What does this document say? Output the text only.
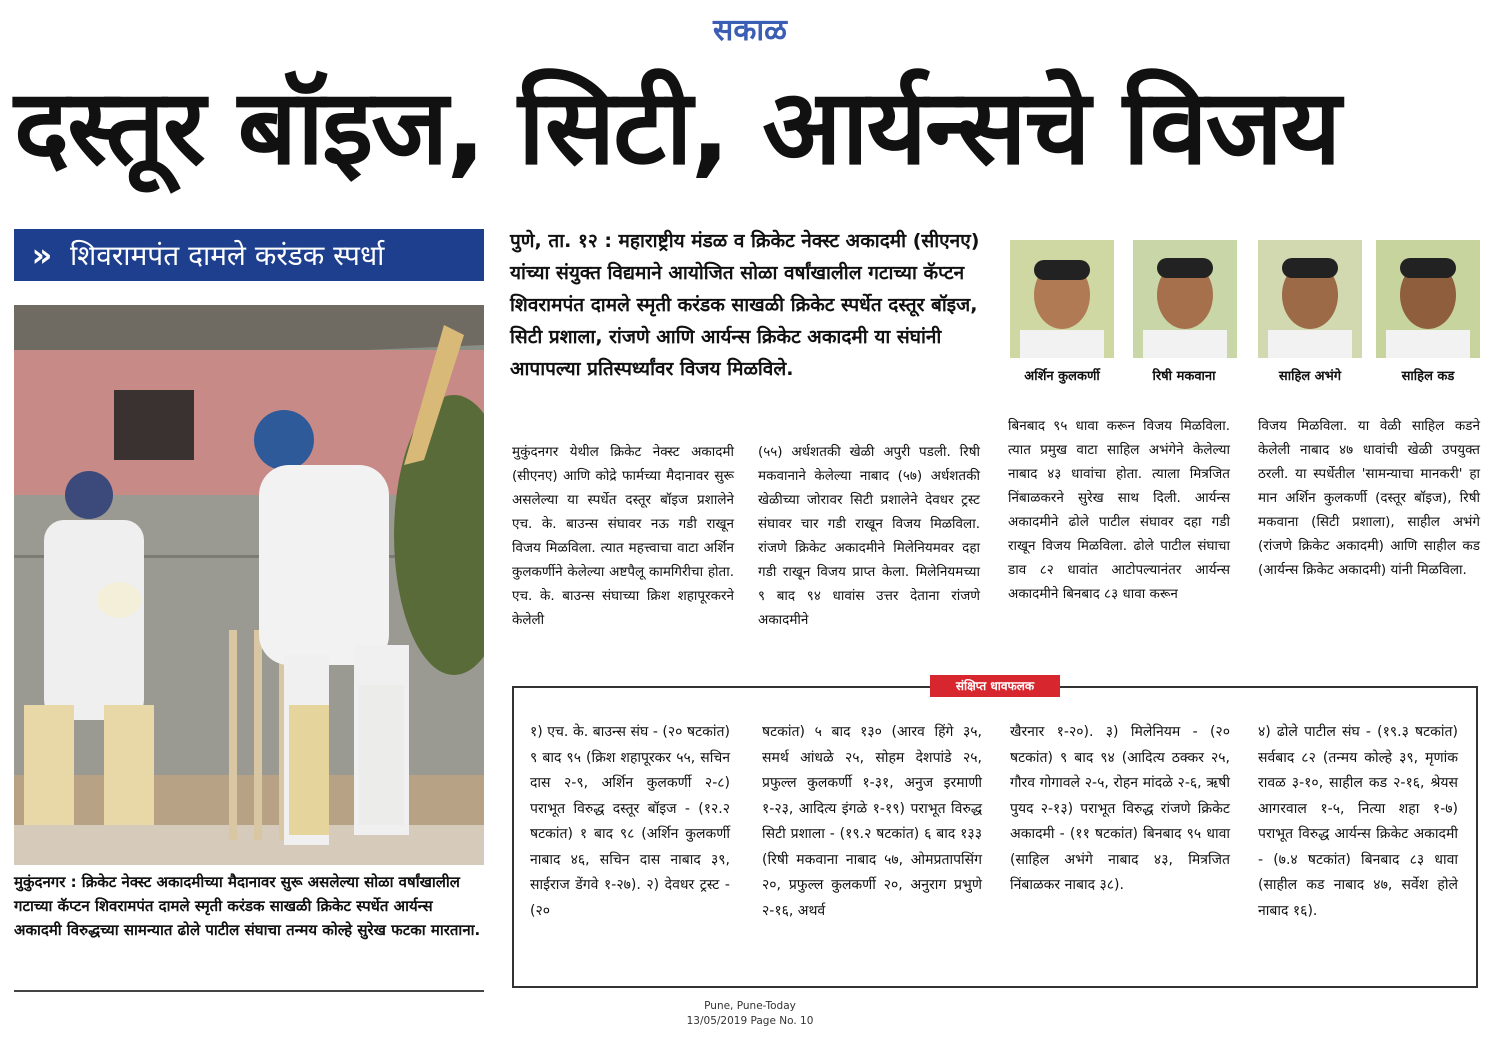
सकाळ
दस्तूर बॉइज, सिटी, आर्यन्सचे विजय
» शिवरामपंत दामले करंडक स्पर्धा
मुकुंदनगर : क्रिकेट नेक्स्ट अकादमीच्या मैदानावर सुरू असलेल्या सोळा वर्षांखालील गटाच्या कॅप्टन शिवरामपंत दामले स्मृती करंडक साखळी क्रिकेट स्पर्धेत आर्यन्स अकादमी विरुद्धच्या सामन्यात ढोले पाटील संघाचा तन्मय कोल्हे सुरेख फटका मारताना.
पुणे, ता. १२ : महाराष्ट्रीय मंडळ व क्रिकेट नेक्स्ट अकादमी (सीएनए) यांच्या संयुक्त विद्यमाने आयोजित सोळा वर्षांखालील गटाच्या कॅप्टन शिवरामपंत दामले स्मृती करंडक साखळी क्रिकेट स्पर्धेत दस्तूर बॉइज, सिटी प्रशाला, रांजणे आणि आर्यन्स क्रिकेट अकादमी या संघांनी आपापल्या प्रतिस्पर्ध्यांवर विजय मिळविले.	अर्शिन कुलकर्णी	रिषी मकवाना	साहिल अभंगे	साहिल कड
मुकुंदनगर येथील क्रिकेट नेक्स्ट अकादमी (सीएनए) आणि कोद्रे फार्मच्या मैदानावर सुरू असलेल्या या स्पर्धेत दस्तूर बॉइज प्रशालेने एच. के. बाउन्स संघावर नऊ गडी राखून विजय मिळविला. त्यात महत्त्वाचा वाटा अर्शिन कुलकर्णीने केलेल्या अष्टपैलू कामगिरीचा होता. एच. के. बाउन्स संघाच्या क्रिश शहापूरकरने केलेली
(५५) अर्धशतकी खेळी अपुरी पडली. रिषी मकवानाने केलेल्या नाबाद (५७) अर्धशतकी खेळीच्या जोरावर सिटी प्रशालेने देवधर ट्रस्ट संघावर चार गडी राखून विजय मिळविला. रांजणे क्रिकेट अकादमीने मिलेनियमवर दहा गडी राखून विजय प्राप्त केला. मिलेनियमच्या ९ बाद ९४ धावांस उत्तर देताना रांजणे अकादमीने
बिनबाद ९५ धावा करून विजय मिळविला. त्यात प्रमुख वाटा साहिल अभंगेने केलेल्या नाबाद ४३ धावांचा होता. त्याला मित्रजित निंबाळकरने सुरेख साथ दिली. आर्यन्स अकादमीने ढोले पाटील संघावर दहा गडी राखून विजय मिळविला. ढोले पाटील संघाचा डाव ८२ धावांत आटोपल्यानंतर आर्यन्स अकादमीने बिनबाद ८३ धावा करून
विजय मिळविला. या वेळी साहिल कडने केलेली नाबाद ४७ धावांची खेळी उपयुक्त ठरली. या स्पर्धेतील 'सामन्याचा मानकरी' हा मान अर्शिन कुलकर्णी (दस्तूर बॉइज), रिषी मकवाना (सिटी प्रशाला), साहील अभंगे (रांजणे क्रिकेट अकादमी) आणि साहील कड (आर्यन्स क्रिकेट अकादमी) यांनी मिळविला.
संक्षिप्त धावफलक
१) एच. के. बाउन्स संघ - (२० षटकांत) ९ बाद ९५ (क्रिश शहापूरकर ५५, सचिन दास २-९, अर्शिन कुलकर्णी २-८) पराभूत विरुद्ध दस्तूर बॉइज - (१२.२ षटकांत) १ बाद ९८ (अर्शिन कुलकर्णी नाबाद ४६, सचिन दास नाबाद ३९, साईराज डेंगवे १-२७). २) देवधर ट्रस्ट - (२०
षटकांत) ५ बाद १३० (आरव हिंगे ३५, समर्थ आंधळे २५, सोहम देशपांडे २५, प्रफुल्ल कुलकर्णी १-३१, अनुज इरमाणी १-२३, आदित्य इंगळे १-१९) पराभूत विरुद्ध सिटी प्रशाला - (१९.२ षटकांत) ६ बाद १३३ (रिषी मकवाना नाबाद ५७, ओमप्रतापसिंग २०, प्रफुल्ल कुलकर्णी २०, अनुराग प्रभुणे २-१६, अथर्व
खैरनार १-२०). ३) मिलेनियम - (२० षटकांत) ९ बाद ९४ (आदित्य ठक्कर २५, गौरव गोगावले २-५, रोहन मांदळे २-६, ऋषी पुयद २-१३) पराभूत विरुद्ध रांजणे क्रिकेट अकादमी - (११ षटकांत) बिनबाद ९५ धावा (साहिल अभंगे नाबाद ४३, मित्रजित निंबाळकर नाबाद ३८).
४) ढोले पाटील संघ - (१९.३ षटकांत) सर्वबाद ८२ (तन्मय कोल्हे ३९, मृणांक रावळ ३-१०, साहील कड २-१६, श्रेयस आगरवाल १-५, नित्या शहा १-७) पराभूत विरुद्ध आर्यन्स क्रिकेट अकादमी - (७.४ षटकांत) बिनबाद ८३ धावा (साहील कड नाबाद ४७, सर्वेश होले नाबाद १६).
Pune, Pune-Today
13/05/2019 Page No. 10
